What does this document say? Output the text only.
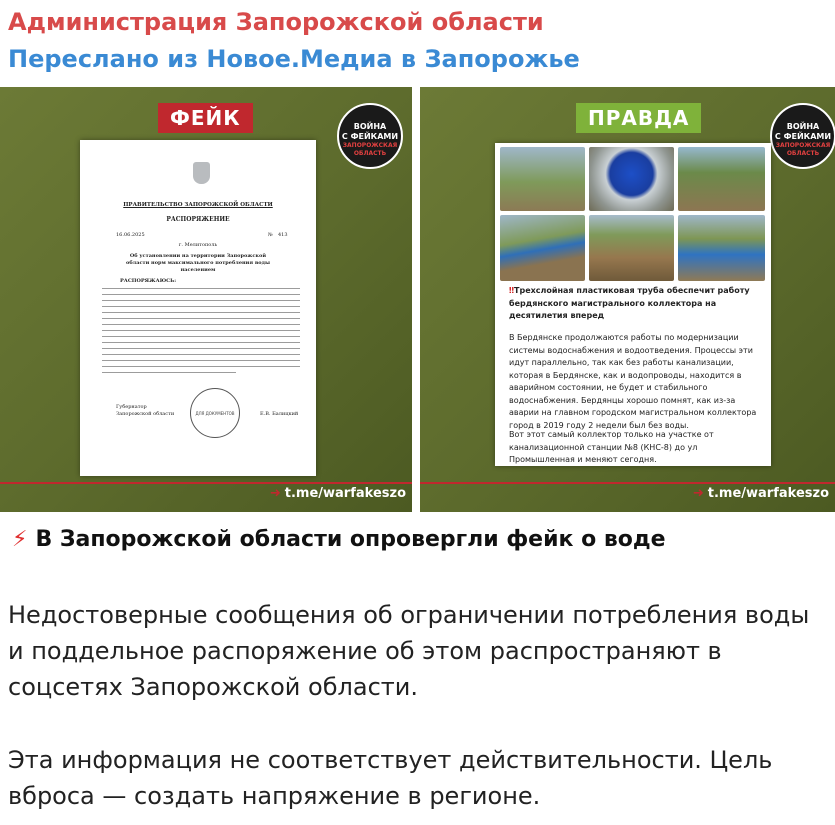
Администрация Запорожской области
Переслано из Новое.Медиа в Запорожье
ФЕЙК	ВОЙНА
С ФЕЙКАМИ
ЗАПОРОЖСКАЯ ОБЛАСТЬ
ПРАВИТЕЛЬСТВО ЗАПОРОЖСКОЙ ОБЛАСТИ
РАСПОРЯЖЕНИЕ
16.06.2025	№ 413
г. Мелитополь
Об установлении на территории Запорожской области норм максимального потребления воды населением
РАСПОРЯЖАЮСЬ:
Губернатор
Запорожской области	ДЛЯ ДОКУМЕНТОВ	Е.В. Балицкий
➜ t.me/warfakeszo
ПРАВДА	ВОЙНА
С ФЕЙКАМИ
ЗАПОРОЖСКАЯ ОБЛАСТЬ
‼Трехслойная пластиковая труба обеспечит работу бердянского магистрального коллектора на десятилетия вперед
В Бердянске продолжаются работы по модернизации системы водоснабжения и водоотведения. Процессы эти идут параллельно, так как без работы канализации, которая в Бердянске, как и водопроводы, находится в аварийном состоянии, не будет и стабильного водоснабжения. Бердянцы хорошо помнят, как из-за аварии на главном городском магистральном коллектора город в 2019 году 2 недели был без воды.
Вот этот самый коллектор только на участке от канализационной станции №8 (КНС-8) до ул Промышленная и меняют сегодня.
➜ t.me/warfakeszo
⚡ В Запорожской области опровергли фейк о воде
Недостоверные сообщения об ограничении потребления воды и поддельное распоряжение об этом распространяют в соцсетях Запорожской области.
Эта информация не соответствует действительности. Цель вброса — создать напряжение в регионе.
